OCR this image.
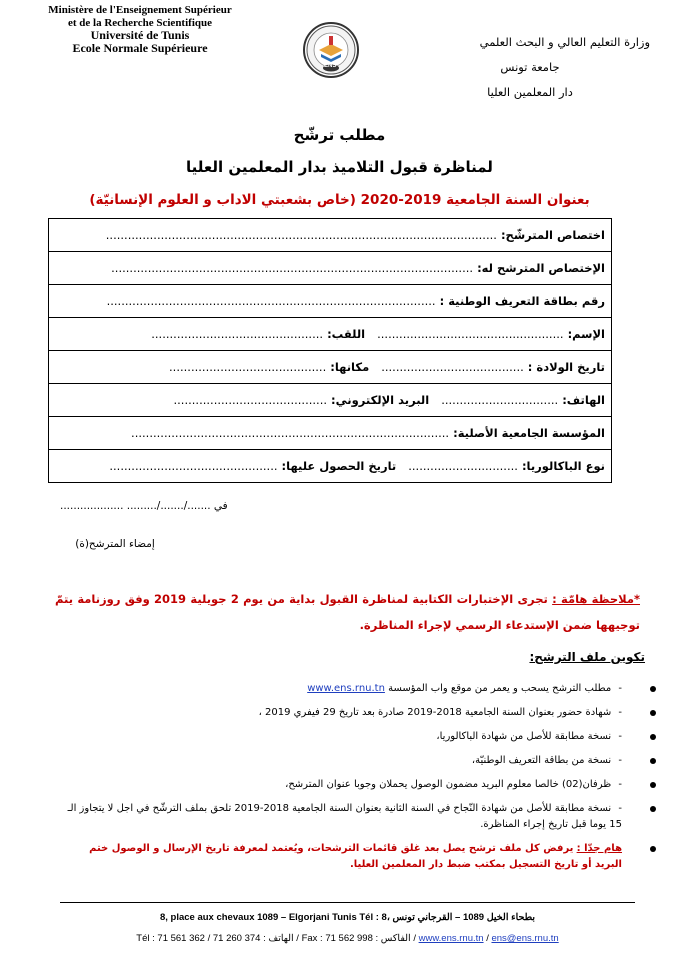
Ministère de l'Enseignement Supérieur
et de la Recherche Scientifique
Université de Tunis
Ecole Normale Supérieure
ENS
وزارة التعليم العالي و البحث العلمي
جامعة تونس
دار المعلمين العليا
مطلب ترشّح
لمناظرة قبول التلاميذ بدار المعلمين العليا
بعنوان السنة الجامعية 2019-2020 (خاص بشعبتي الاداب و العلوم الإنسانيّة)
اختصاص المترشّح: ...........................................................................................................
الإختصاص المترشح له: ...................................................................................................
رقم بطاقة التعريف الوطنية : ..........................................................................................
الإسم: ................................................... اللقب: ...............................................
تاريخ الولادة : ....................................... مكانها: ...........................................
الهاتف: ................................ البريد الإلكتروني: ..........................................
المؤسسة الجامعية الأصلية: .......................................................................................
نوع الباكالوريا: .............................. تاريخ الحصول عليها: ..............................................
في ......./......./......... ...................
إمضاء المترشح(ة)
*ملاحظة هامّة : تجرى الإختبارات الكتابية لمناظرة القبول بداية من يوم 2 جويلية 2019 وفق روزنامة يتمّ توجيهها ضمن الإستدعاء الرسمي لإجراء المناظرة.
تكوين ملف الترشح:
- مطلب الترشح يسحب و يعمر من موقع واب المؤسسة www.ens.rnu.tn
- شهادة حضور بعنوان السنة الجامعية 2018-2019 صادرة بعد تاريخ 29 فيفري 2019 ،
- نسخة مطابقة للأصل من شهادة الباكالوريا،
- نسخة من بطاقة التعريف الوطنيّة،
- ظرفان(02) خالصا معلوم البريد مضمون الوصول يحملان وجوبا عنوان المترشح،
- نسخة مطابقة للأصل من شهادة النّجاح في السنة الثانية بعنوان السنة الجامعية 2018-2019 تلحق بملف الترشّح في اجل لا يتجاوز الـ 15 يوما قبل تاريخ إجراء المناظرة.
هام جدّا : يرفض كل ملف ترشح يصل بعد غلق قائمات الترشحات، ويُعتمد لمعرفة تاريخ الإرسال و الوصول ختم البريد أو تاريخ التسجيل بمكتب ضبط دار المعلمين العليا.
8, place aux chevaux 1089 – Elgorjani Tunis Tél : 8، بطحاء الخيل 1089 – القرجاني تونس
Tél : 71 561 362 / 71 260 374 : الهاتف / Fax : 71 562 998 : الفاكس / www.ens.rnu.tn / ens@ens.rnu.tn
